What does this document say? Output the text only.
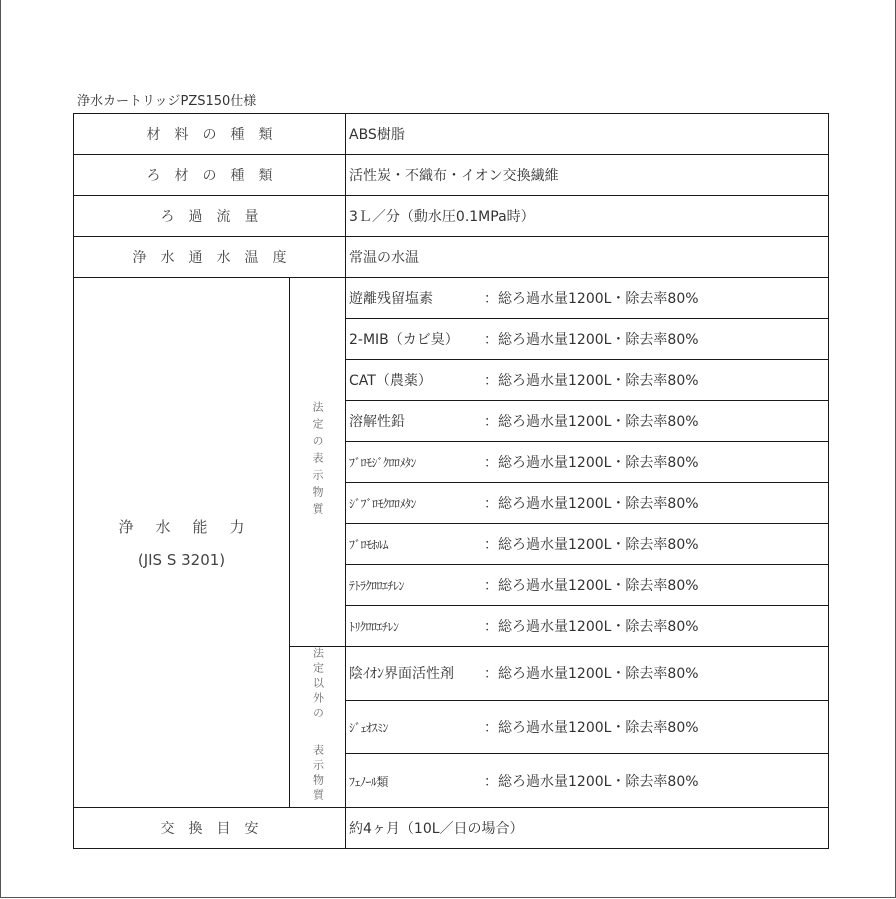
浄水カートリッジPZS150仕様
材料の種類		ABS樹脂
ろ材の種類		活性炭・不織布・イオン交換繊維
ろ過流量		3Ｌ／分（動水圧0.1MPa時）
浄水通水温度		常温の水温

浄水能力
(JIS S 3201)	法定の表示物質	遊離残留塩素 ：総ろ過水量1200L・除去率80%
		2-MIB（カビ臭） ：総ろ過水量1200L・除去率80%
		CAT（農薬） ：総ろ過水量1200L・除去率80%
		溶解性鉛 ：総ろ過水量1200L・除去率80%
		ﾌﾞﾛﾓｼﾞｸﾛﾛﾒﾀﾝ ：総ろ過水量1200L・除去率80%
		ｼﾞﾌﾞﾛﾓｸﾛﾛﾒﾀﾝ ：総ろ過水量1200L・除去率80%
		ﾌﾞﾛﾓﾎﾙﾑ ：総ろ過水量1200L・除去率80%
		ﾃﾄﾗｸﾛﾛｴﾁﾚﾝ ：総ろ過水量1200L・除去率80%
		ﾄﾘｸﾛﾛｴﾁﾚﾝ ：総ろ過水量1200L・除去率80%
	法定以外の表示物質	陰ｲｵﾝ界面活性剤 ：総ろ過水量1200L・除去率80%
		ｼﾞｪｵｽﾐﾝ ：総ろ過水量1200L・除去率80%
		ﾌｪﾉｰﾙ類 ：総ろ過水量1200L・除去率80%
交換目安		約4ヶ月（10L／日の場合）
